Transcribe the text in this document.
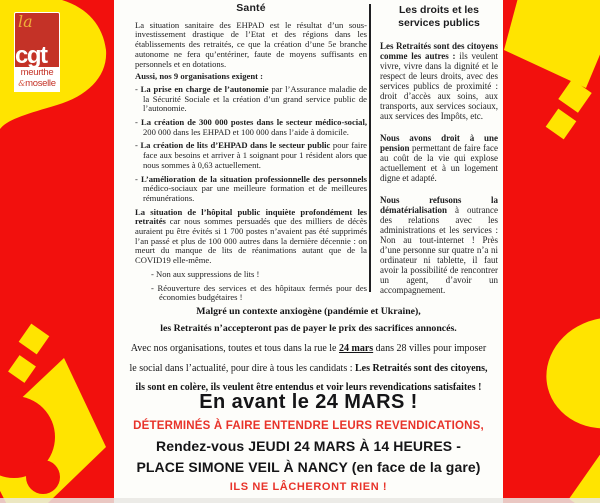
Santé

La situation sanitaire des EHPAD est le résultat d’un sous-investissement drastique de l’Etat et des régions dans les établissements des retraités, ce que la création d’une 5e branche autonome ne fera qu’entériner, faute de moyens suffisants en personnels et en dotations.

Aussi, nos 9 organisations exigent :

- La prise en charge de l’autonomie par l’Assurance maladie de la Sécurité Sociale et la création d’un grand service public de l’autonomie.

- La création de 300 000 postes dans le secteur médico-social, 200 000 dans les EHPAD et 100 000 dans l’aide à domicile.

- La création de lits d’EHPAD dans le secteur public pour faire face aux besoins et arriver à 1 soignant pour 1 résident alors que nous sommes à 0,63 actuellement.

- L’amélioration de la situation professionnelle des personnels médico-sociaux par une meilleure formation et de meilleures rémunérations.

La situation de l’hôpital public inquiète profondément les retraités car nous sommes persuadés que des milliers de décès auraient pu être évités si 1 700 postes n’avaient pas été supprimés l’an passé et plus de 100 000 autres dans la dernière décennie : on meurt du manque de lits de réanimations autant que de la COVID19 elle-même.

- Non aux suppressions de lits !

- Réouverture des services et des hôpitaux fermés pour des économies budgétaires !

Les droits et les
services publics

Les Retraités sont des citoyens comme les autres : ils veulent vivre, vivre dans la dignité et le respect de leurs droits, avec des services publics de proximité : droit d’accès aux soins, aux transports, aux services sociaux, aux services des Impôts, etc.

Nous avons droit à une pension permettant de faire face au coût de la vie qui explose actuellement et à un logement digne et adapté.

Nous refusons la dématérialisation à outrance des relations avec les administrations et les services : Non au tout-internet ! Près d’une personne sur quatre n’a ni ordinateur ni tablette, il faut avoir la possibilité de rencontrer un agent, d’avoir un accompagnement.

Malgré un contexte anxiogène (pandémie et Ukraine),
les Retraités n’accepteront pas de payer le prix des sacrifices annoncés.
Avec nos organisations, toutes et tous dans la rue le 24 mars dans 28 villes pour imposer le social dans l’actualité, pour dire à tous les candidats : Les Retraités sont des citoyens, ils sont en colère, ils veulent être entendus et voir leurs revendications satisfaites !
En avant le 24 MARS !
DÉTERMINÉS À FAIRE ENTENDRE LEURS REVENDICATIONS,
Rendez-vous JEUDI 24 MARS À 14 HEURES -
PLACE SIMONE VEIL À NANCY (en face de la gare)
ILS NE LÂCHERONT RIEN !
la
cgt
meurthe
&moselle
